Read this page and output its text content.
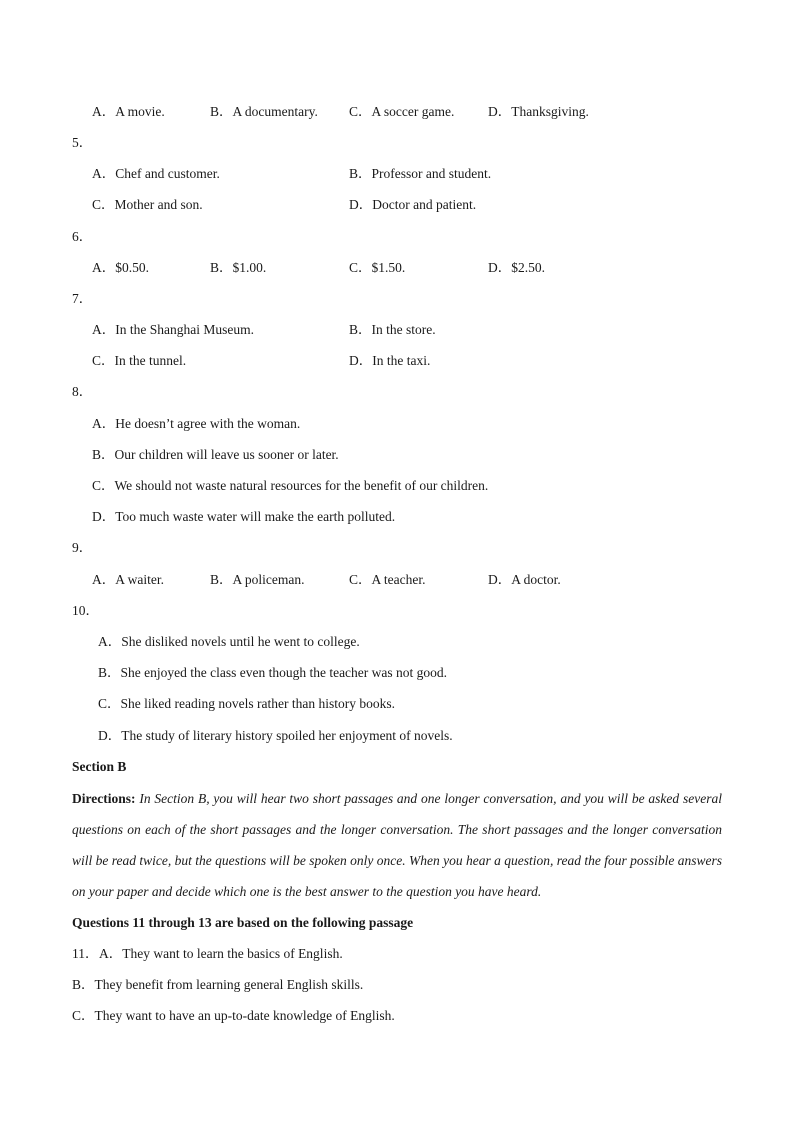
A．A movie.	B．A documentary. C．A soccer game. D．Thanksgiving.
5．
A．Chef and customer.	B．Professor and student.
C．Mother and son.	D．Doctor and patient.
6．
A．$0.50.	B．$1.00.	C．$1.50.	D．$2.50.
7．
A．In the Shanghai Museum.	B．In the store.
C．In the tunnel.	D．In the taxi.
8．
A．He doesn’t agree with the woman.
B．Our children will leave us sooner or later.
C．We should not waste natural resources for the benefit of our children.
D．Too much waste water will make the earth polluted.
9．
A．A waiter.	B．A policeman.	C．A teacher.	D．A doctor.
10．
A．She disliked novels until he went to college.
B．She enjoyed the class even though the teacher was not good.
C．She liked reading novels rather than history books.
D．The study of literary history spoiled her enjoyment of novels.
Section B
Directions: In Section B, you will hear two short passages and one longer conversation, and you will be asked several questions on each of the short passages and the longer conversation. The short passages and the longer conversation will be read twice, but the questions will be spoken only once. When you hear a question, read the four possible answers on your paper and decide which one is the best answer to the question you have heard.
Questions 11 through 13 are based on the following passage
11． A．They want to learn the basics of English.
B．They benefit from learning general English skills.
C．They want to have an up-to-date knowledge of English.
